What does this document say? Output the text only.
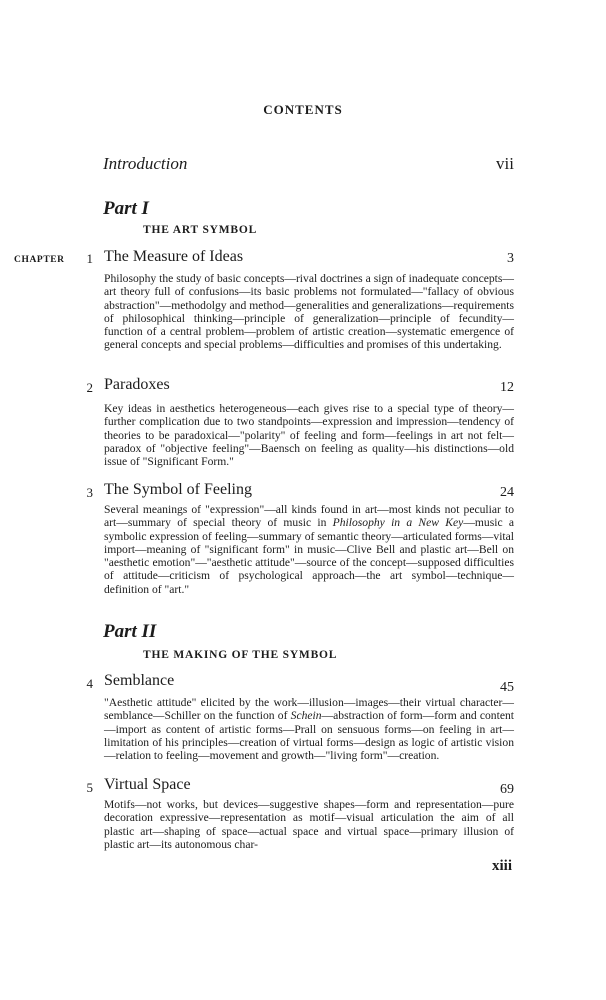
CONTENTS
Introduction	vii
Part I
THE ART SYMBOL
CHAPTER	1 The Measure of Ideas	3
Philosophy the study of basic concepts—rival doctrines a sign of inadequate concepts—art theory full of confusions—its basic problems not formulated—"fallacy of obvious abstraction"—methodolgy and method—generalities and generalizations—requirements of philosophical thinking—principle of generalization—principle of fecundity—function of a central problem—problem of artistic creation—systematic emergence of general concepts and special problems—difficulties and promises of this undertaking.
2 Paradoxes	12
Key ideas in aesthetics heterogeneous—each gives rise to a special type of theory—further complication due to two standpoints—expression and impression—tendency of theories to be paradoxical—"polarity" of feeling and form—feelings in art not felt—paradox of "objective feeling"—Baensch on feeling as quality—his distinctions—old issue of "Significant Form."
3 The Symbol of Feeling	24
Several meanings of "expression"—all kinds found in art—most kinds not peculiar to art—summary of special theory of music in Philosophy in a New Key—music a symbolic expression of feeling—summary of semantic theory—articulated forms—vital import—meaning of "significant form" in music—Clive Bell and plastic art—Bell on "aesthetic emotion"—"aesthetic attitude"—source of the concept—supposed difficulties of attitude—criticism of psychological approach—the art symbol—technique—definition of "art."
Part II
THE MAKING OF THE SYMBOL
4 Semblance	45
"Aesthetic attitude" elicited by the work—illusion—images—their virtual character—semblance—Schiller on the function of Schein—abstraction of form—form and content—import as content of artistic forms—Prall on sensuous forms—on feeling in art—limitation of his principles—creation of virtual forms—design as logic of artistic vision—relation to feeling—movement and growth—"living form"—creation.
5 Virtual Space	69
Motifs—not works, but devices—suggestive shapes—form and representation—pure decoration expressive—representation as motif—visual articulation the aim of all plastic art—shaping of space—actual space and virtual space—primary illusion of plastic art—its autonomous char-
xiii
